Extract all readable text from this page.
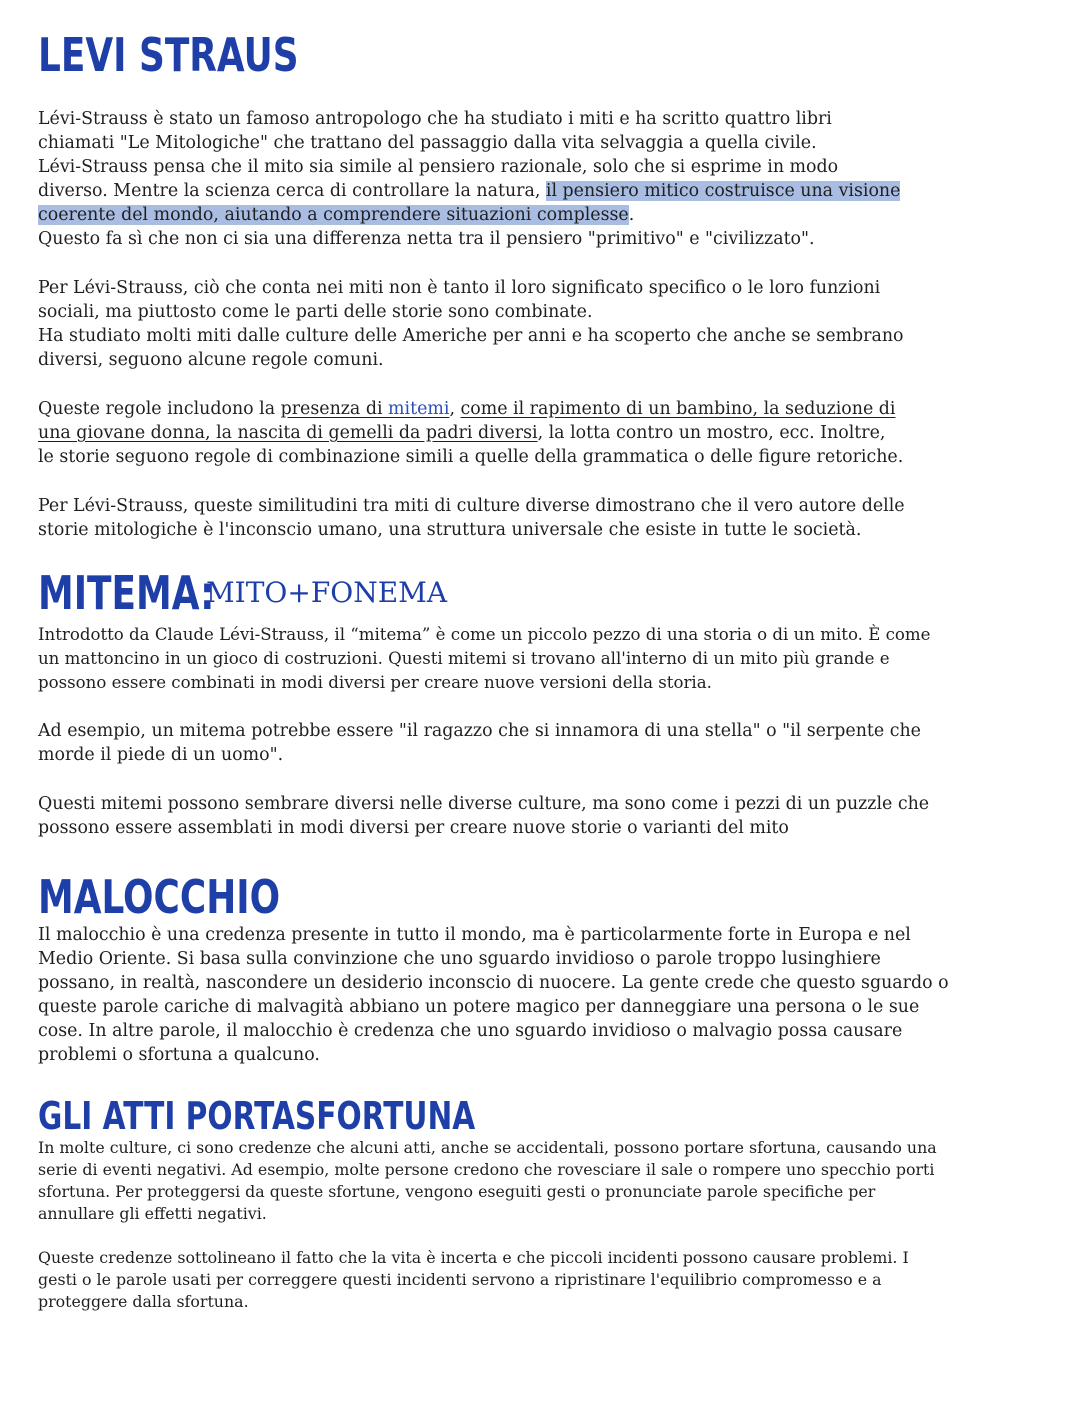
LEVI STRAUS

Lévi-Strauss è stato un famoso antropologo che ha studiato i miti e ha scritto quattro libri
chiamati "Le Mitologiche" che trattano del passaggio dalla vita selvaggia a quella civile.
Lévi-Strauss pensa che il mito sia simile al pensiero razionale, solo che si esprime in modo
diverso. Mentre la scienza cerca di controllare la natura, il pensiero mitico costruisce una visione
coerente del mondo, aiutando a comprendere situazioni complesse.
Questo fa sì che non ci sia una differenza netta tra il pensiero "primitivo" e "civilizzato".

Per Lévi-Strauss, ciò che conta nei miti non è tanto il loro significato specifico o le loro funzioni
sociali, ma piuttosto come le parti delle storie sono combinate.
Ha studiato molti miti dalle culture delle Americhe per anni e ha scoperto che anche se sembrano
diversi, seguono alcune regole comuni.

Queste regole includono la presenza di mitemi, come il rapimento di un bambino, la seduzione di
una giovane donna, la nascita di gemelli da padri diversi, la lotta contro un mostro, ecc. Inoltre,
le storie seguono regole di combinazione simili a quelle della grammatica o delle figure retoriche.

Per Lévi-Strauss, queste similitudini tra miti di culture diverse dimostrano che il vero autore delle
storie mitologiche è l'inconscio umano, una struttura universale che esiste in tutte le società.

MITEMA:
MITO+FONEMA

Introdotto da Claude Lévi-Strauss, il “mitema” è come un piccolo pezzo di una storia o di un mito. È come
un mattoncino in un gioco di costruzioni. Questi mitemi si trovano all'interno di un mito più grande e
possono essere combinati in modi diversi per creare nuove versioni della storia.

Ad esempio, un mitema potrebbe essere "il ragazzo che si innamora di una stella" o "il serpente che
morde il piede di un uomo".

Questi mitemi possono sembrare diversi nelle diverse culture, ma sono come i pezzi di un puzzle che
possono essere assemblati in modi diversi per creare nuove storie o varianti del mito

MALOCCHIO

Il malocchio è una credenza presente in tutto il mondo, ma è particolarmente forte in Europa e nel
Medio Oriente. Si basa sulla convinzione che uno sguardo invidioso o parole troppo lusinghiere
possano, in realtà, nascondere un desiderio inconscio di nuocere. La gente crede che questo sguardo o
queste parole cariche di malvagità abbiano un potere magico per danneggiare una persona o le sue
cose. In altre parole, il malocchio è credenza che uno sguardo invidioso o malvagio possa causare
problemi o sfortuna a qualcuno.

GLI ATTI PORTASFORTUNA

In molte culture, ci sono credenze che alcuni atti, anche se accidentali, possono portare sfortuna, causando una
serie di eventi negativi. Ad esempio, molte persone credono che rovesciare il sale o rompere uno specchio porti
sfortuna. Per proteggersi da queste sfortune, vengono eseguiti gesti o pronunciate parole specifiche per
annullare gli effetti negativi.

Queste credenze sottolineano il fatto che la vita è incerta e che piccoli incidenti possono causare problemi. I
gesti o le parole usati per correggere questi incidenti servono a ripristinare l'equilibrio compromesso e a
proteggere dalla sfortuna.
